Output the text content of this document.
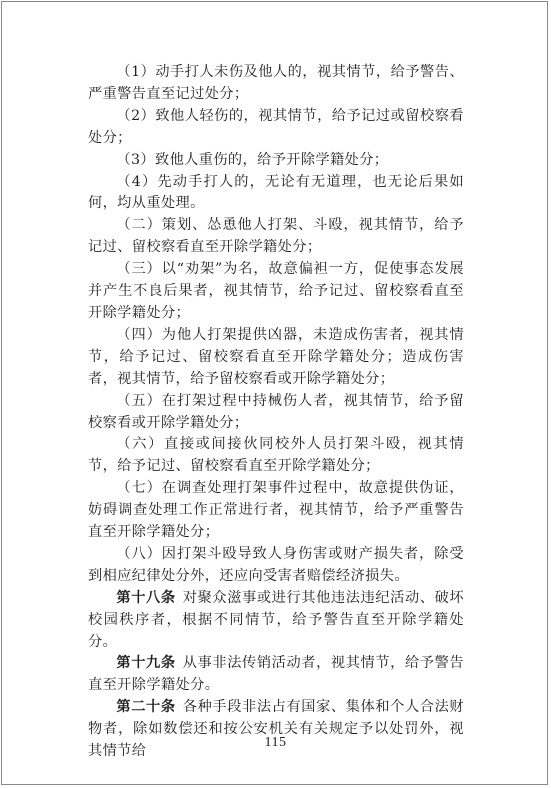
（1）动手打人未伤及他人的，视其情节，给予警告、严重警告直至记过处分；

（2）致他人轻伤的，视其情节，给予记过或留校察看处分；

（3）致他人重伤的，给予开除学籍处分；

（4）先动手打人的，无论有无道理，也无论后果如何，均从重处理。

（二）策划、怂恿他人打架、斗殴，视其情节，给予记过、留校察看直至开除学籍处分；

（三）以“劝架”为名，故意偏袒一方，促使事态发展并产生不良后果者，视其情节，给予记过、留校察看直至开除学籍处分；

（四）为他人打架提供凶器，未造成伤害者，视其情节，给予记过、留校察看直至开除学籍处分；造成伤害者，视其情节，给予留校察看或开除学籍处分；

（五）在打架过程中持械伤人者，视其情节，给予留校察看或开除学籍处分；

（六）直接或间接伙同校外人员打架斗殴，视其情节，给予记过、留校察看直至开除学籍处分；

（七）在调查处理打架事件过程中，故意提供伪证，妨碍调查处理工作正常进行者，视其情节，给予严重警告直至开除学籍处分；

（八）因打架斗殴导致人身伤害或财产损失者，除受到相应纪律处分外，还应向受害者赔偿经济损失。

第十八条 对聚众滋事或进行其他违法违纪活动、破坏校园秩序者，根据不同情节，给予警告直至开除学籍处分。

第十九条 从事非法传销活动者，视其情节，给予警告直至开除学籍处分。

第二十条 各种手段非法占有国家、集体和个人合法财物者，除如数偿还和按公安机关有关规定予以处罚外，视其情节给

115
